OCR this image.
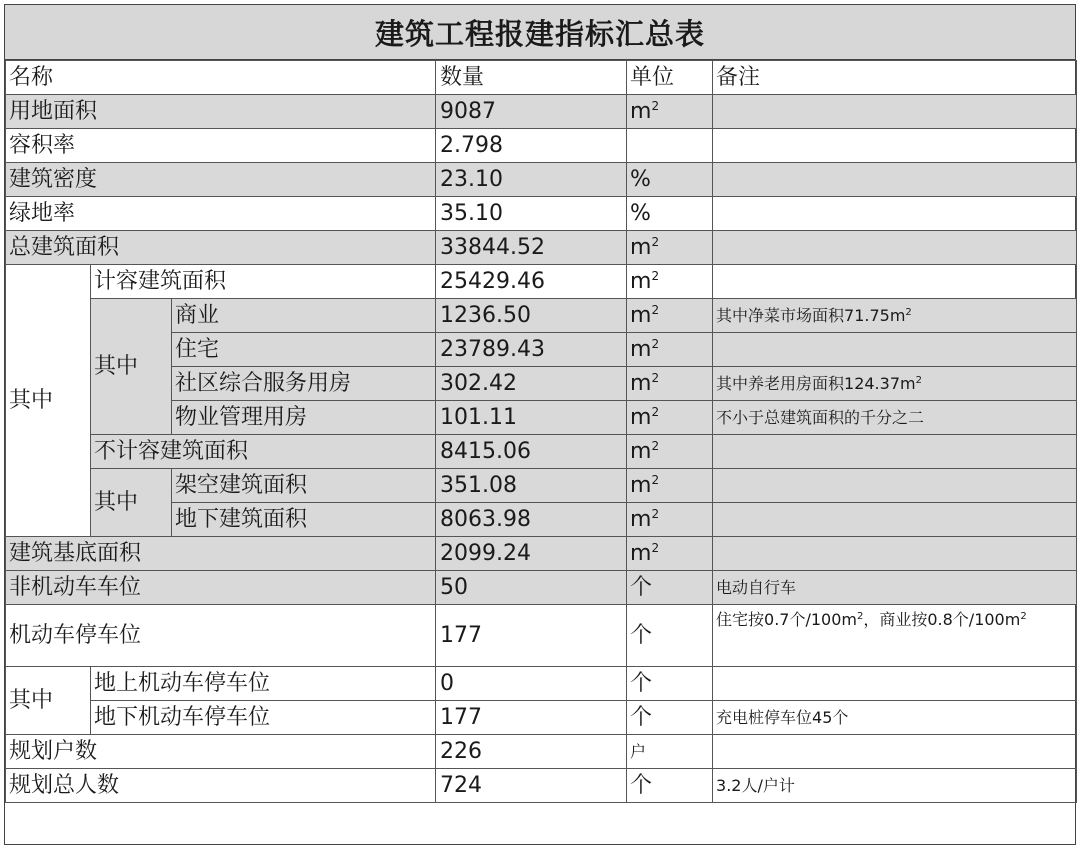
建筑工程报建指标汇总表
名称			数量	单位	备注
用地面积			9087	$m^2$	
容积率			2.798		
建筑密度			23.10	%	
绿地率			35.10	%	
总建筑面积			33844.52	$m^2$	
其中	计容建筑面积		25429.46	$m^2$	
	其中	商业	1236.50	$m^2$	其中净菜市场面积$71.75m^2$
		住宅	23789.43	$m^2$	
		社区综合服务用房	302.42	$m^2$	其中养老用房面积$124.37m^2$
		物业管理用房	101.11	$m^2$	不小于总建筑面积的千分之二
	不计容建筑面积		8415.06	$m^2$	
	其中	架空建筑面积	351.08	$m^2$	
		地下建筑面积	8063.98	$m^2$	
建筑基底面积			2099.24	$m^2$	
非机动车车位			50	个	电动自行车
机动车停车位			177	个	住宅按0.7个$/100m^2$，商业按0.8个$/100m^2$
其中	地上机动车停车位		0	个	
	地下机动车停车位		177	个	充电桩停车位45个
规划户数			226	户	
规划总人数			724	个	3.2人/户计
